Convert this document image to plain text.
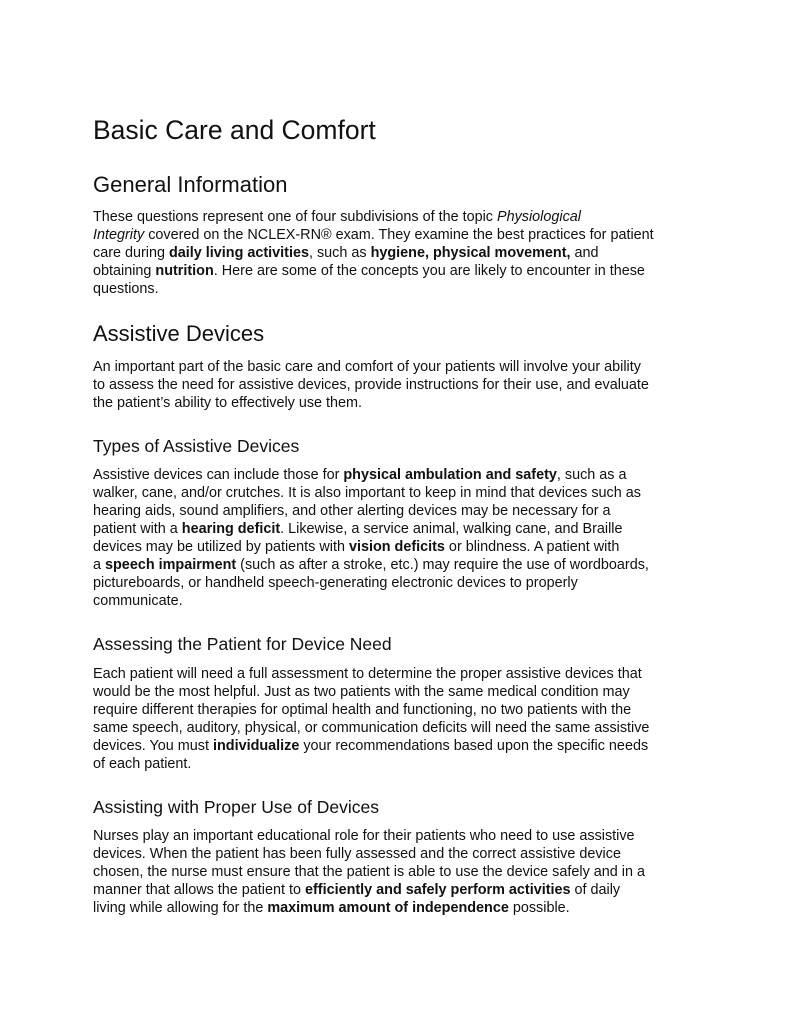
Basic Care and Comfort
General Information
These questions represent one of four subdivisions of the topic Physiological
Integrity covered on the NCLEX-RN® exam. They examine the best practices for patient
care during daily living activities, such as hygiene, physical movement, and
obtaining nutrition. Here are some of the concepts you are likely to encounter in these
questions.
Assistive Devices
An important part of the basic care and comfort of your patients will involve your ability
to assess the need for assistive devices, provide instructions for their use, and evaluate
the patient’s ability to effectively use them.
Types of Assistive Devices
Assistive devices can include those for physical ambulation and safety, such as a
walker, cane, and/or crutches. It is also important to keep in mind that devices such as
hearing aids, sound amplifiers, and other alerting devices may be necessary for a
patient with a hearing deficit. Likewise, a service animal, walking cane, and Braille
devices may be utilized by patients with vision deficits or blindness. A patient with
a speech impairment (such as after a stroke, etc.) may require the use of wordboards,
pictureboards, or handheld speech-generating electronic devices to properly
communicate.
Assessing the Patient for Device Need
Each patient will need a full assessment to determine the proper assistive devices that
would be the most helpful. Just as two patients with the same medical condition may
require different therapies for optimal health and functioning, no two patients with the
same speech, auditory, physical, or communication deficits will need the same assistive
devices. You must individualize your recommendations based upon the specific needs
of each patient.
Assisting with Proper Use of Devices
Nurses play an important educational role for their patients who need to use assistive
devices. When the patient has been fully assessed and the correct assistive device
chosen, the nurse must ensure that the patient is able to use the device safely and in a
manner that allows the patient to efficiently and safely perform activities of daily
living while allowing for the maximum amount of independence possible.
